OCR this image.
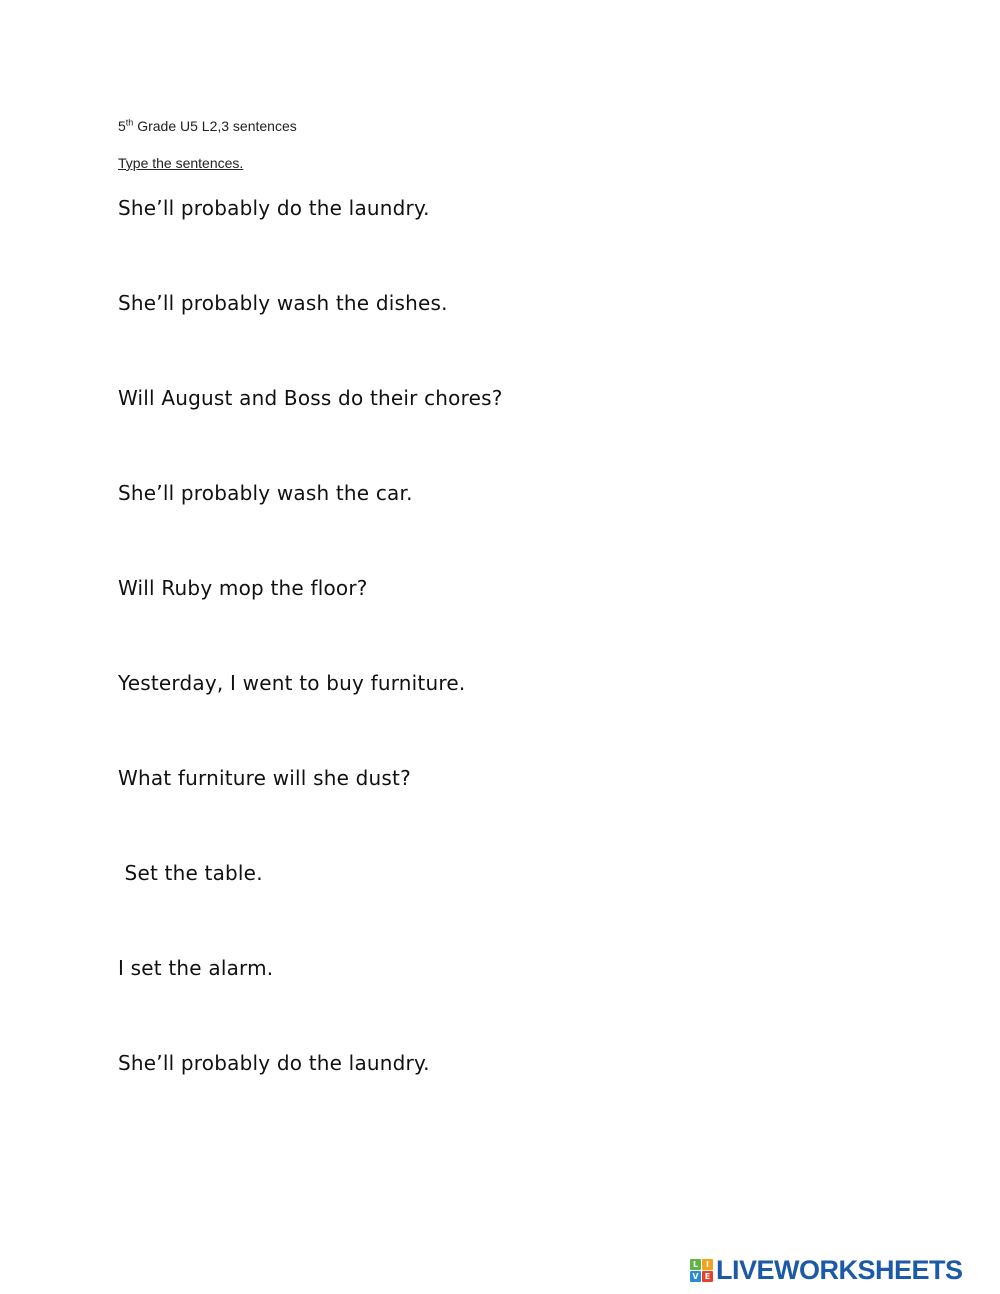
5th Grade U5 L2,3 sentences
Type the sentences.
She’ll probably do the laundry.
She’ll probably wash the dishes.
Will August and Boss do their chores?
She’ll probably wash the car.
Will Ruby mop the floor?
Yesterday, I went to buy furniture.
What furniture will she dust?
Set the table.
I set the alarm.
She’ll probably do the laundry.
L I
V E LIVEWORKSHEETS
